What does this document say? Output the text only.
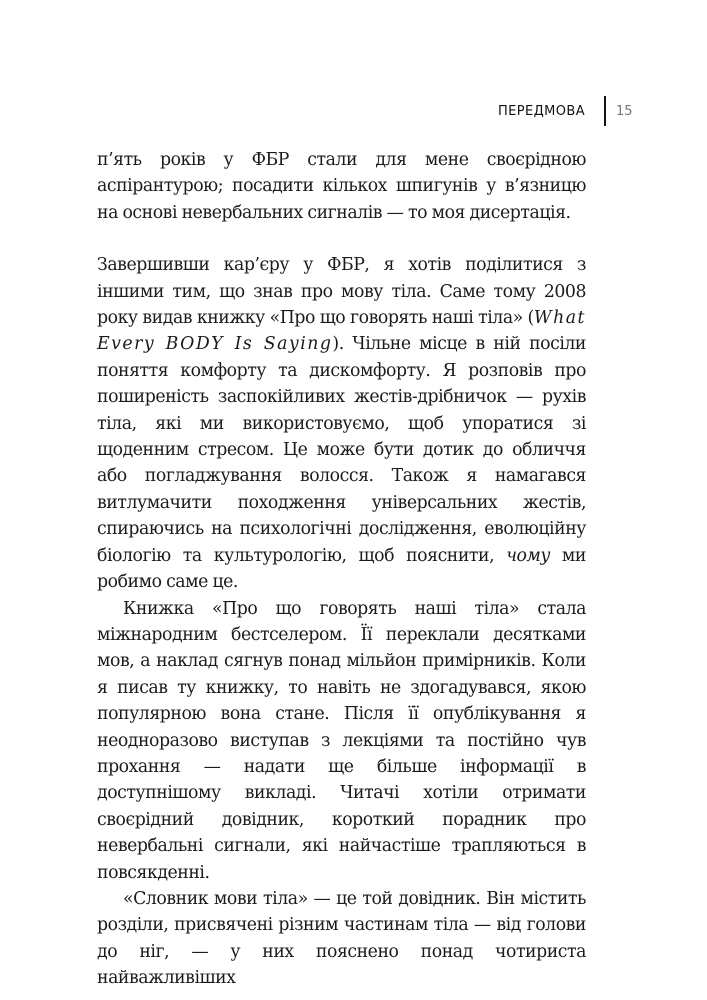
ПЕРЕДМОВА 15

п’ять років у ФБР стали для мене своєрідною аспірантурою; посадити кількох шпигунів у в’язницю на основі невербальних сигналів — то моя дисертація.

Завершивши кар’єру у ФБР, я хотів поділитися з іншими тим, що знав про мову тіла. Саме тому 2008 року видав книжку «Про що говорять наші тіла» (What Every BODY Is Saying). Чільне місце в ній посіли поняття комфорту та дискомфорту. Я розповів про поширеність заспокійливих жестів-дрібничок — рухів тіла, які ми використовуємо, щоб упоратися зі щоденним стресом. Це може бути дотик до обличчя або погладжування волосся. Також я намагався витлумачити походження універсальних жестів, спираючись на психологічні дослідження, еволюційну біологію та культурологію, щоб пояснити, чому ми робимо саме це.

Книжка «Про що говорять наші тіла» стала міжнародним бестселером. Її переклали десятками мов, а наклад сягнув понад мільйон примірників. Коли я писав ту книжку, то навіть не здогадувався, якою популярною вона стане. Після її опублікування я неодноразово виступав з лекціями та постійно чув прохання — надати ще більше інформації в доступнішому викладі. Читачі хотіли отримати своєрідний довідник, короткий порадник про невербальні сигнали, які найчастіше трапляються в повсякденні.

«Словник мови тіла» — це той довідник. Він містить розділи, присвячені різним частинам тіла — від голови до ніг, — у них пояснено понад чотириста найважливіших
